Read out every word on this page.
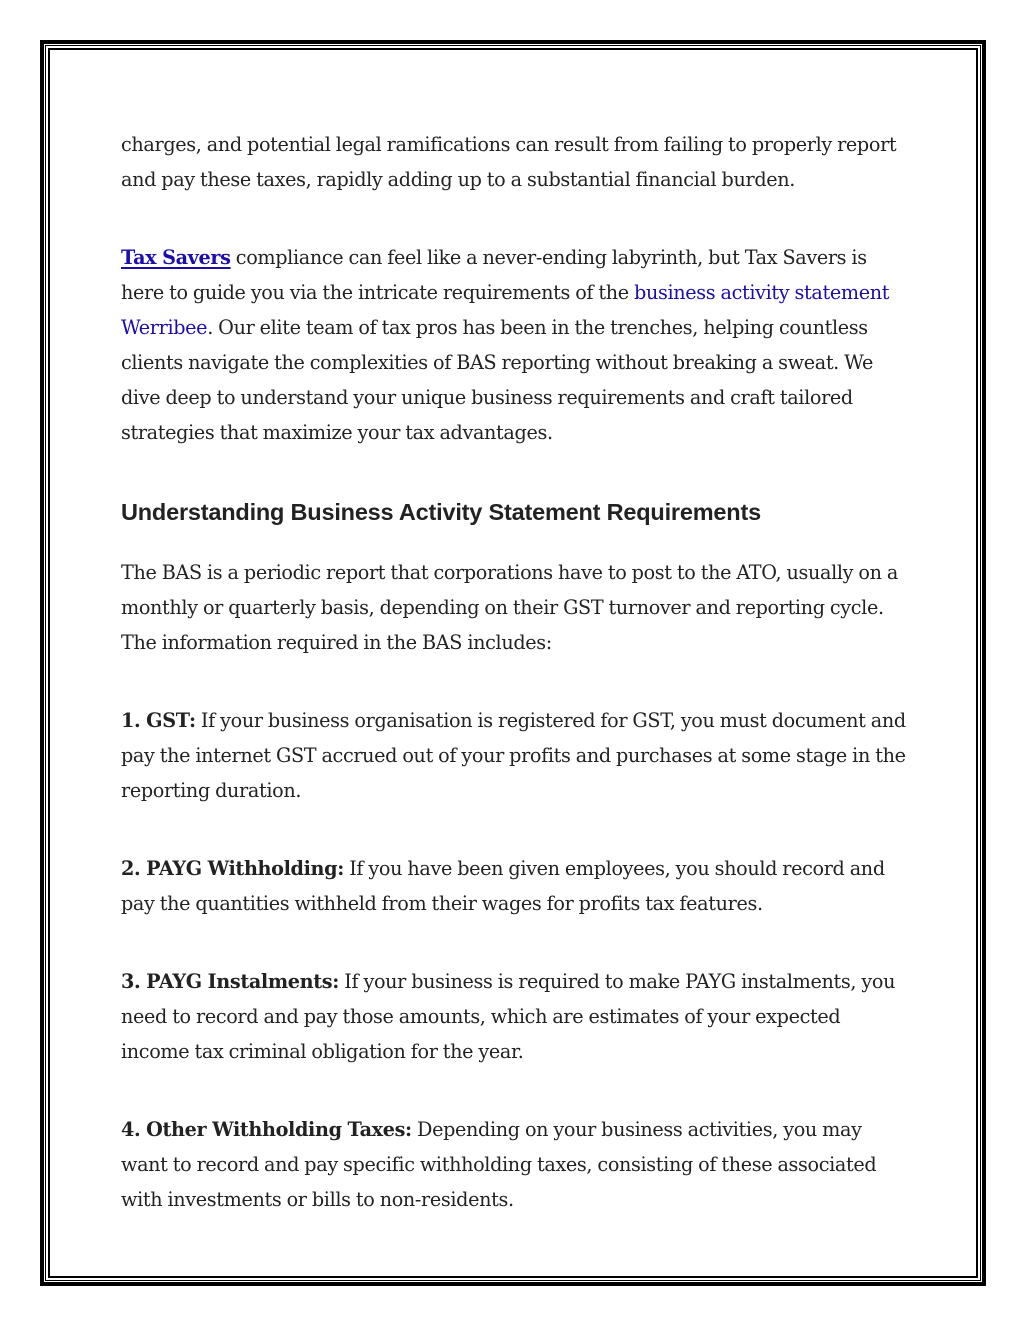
charges, and potential legal ramifications can result from failing to properly report and pay these taxes, rapidly adding up to a substantial financial burden.

Tax Savers compliance can feel like a never-ending labyrinth, but Tax Savers is here to guide you via the intricate requirements of the business activity statement Werribee. Our elite team of tax pros has been in the trenches, helping countless clients navigate the complexities of BAS reporting without breaking a sweat. We dive deep to understand your unique business requirements and craft tailored strategies that maximize your tax advantages.

Understanding Business Activity Statement Requirements

The BAS is a periodic report that corporations have to post to the ATO, usually on a monthly or quarterly basis, depending on their GST turnover and reporting cycle. The information required in the BAS includes:

1. GST: If your business organisation is registered for GST, you must document and pay the internet GST accrued out of your profits and purchases at some stage in the reporting duration.

2. PAYG Withholding: If you have been given employees, you should record and pay the quantities withheld from their wages for profits tax features.

3. PAYG Instalments: If your business is required to make PAYG instalments, you need to record and pay those amounts, which are estimates of your expected income tax criminal obligation for the year.

4. Other Withholding Taxes: Depending on your business activities, you may want to record and pay specific withholding taxes, consisting of these associated with investments or bills to non-residents.
